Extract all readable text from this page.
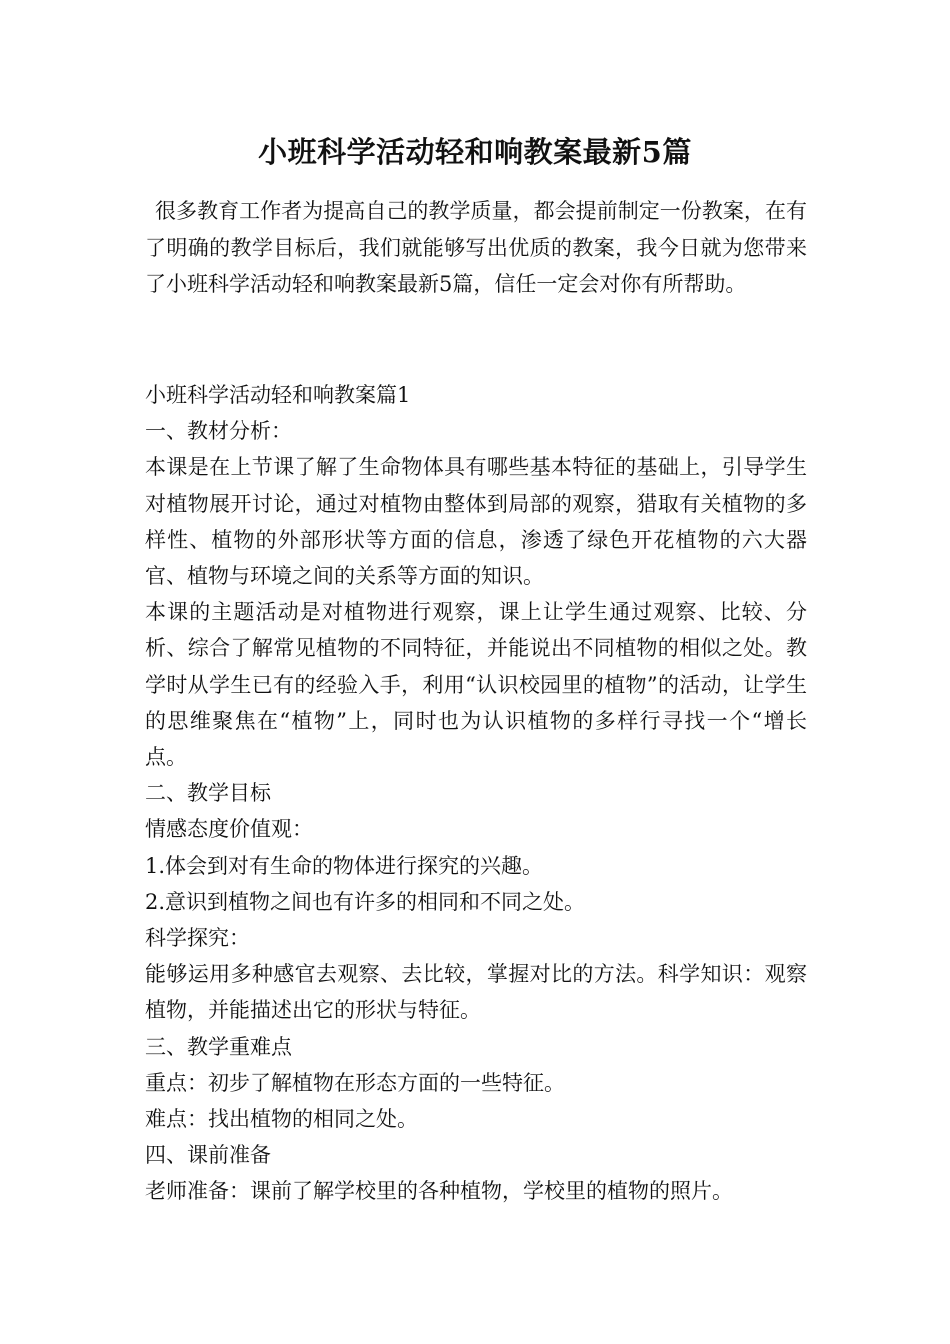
小班科学活动轻和响教案最新5篇

很多教育工作者为提高自己的教学质量，都会提前制定一份教案，在有了明确的教学目标后，我们就能够写出优质的教案，我今日就为您带来了小班科学活动轻和响教案最新5篇，信任一定会对你有所帮助。

小班科学活动轻和响教案篇1

一、教材分析：

本课是在上节课了解了生命物体具有哪些基本特征的基础上，引导学生对植物展开讨论，通过对植物由整体到局部的观察，猎取有关植物的多样性、植物的外部形状等方面的信息，渗透了绿色开花植物的六大器官、植物与环境之间的关系等方面的知识。

本课的主题活动是对植物进行观察，课上让学生通过观察、比较、分析、综合了解常见植物的不同特征，并能说出不同植物的相似之处。教学时从学生已有的经验入手，利用“认识校园里的植物”的活动，让学生的思维聚焦在“植物”上，同时也为认识植物的多样行寻找一个“增长点。

二、教学目标

情感态度价值观：

1.体会到对有生命的物体进行探究的兴趣。

2.意识到植物之间也有许多的相同和不同之处。

科学探究：

能够运用多种感官去观察、去比较，掌握对比的方法。科学知识：观察植物，并能描述出它的形状与特征。

三、教学重难点

重点：初步了解植物在形态方面的一些特征。

难点：找出植物的相同之处。

四、课前准备

老师准备：课前了解学校里的各种植物，学校里的植物的照片。
